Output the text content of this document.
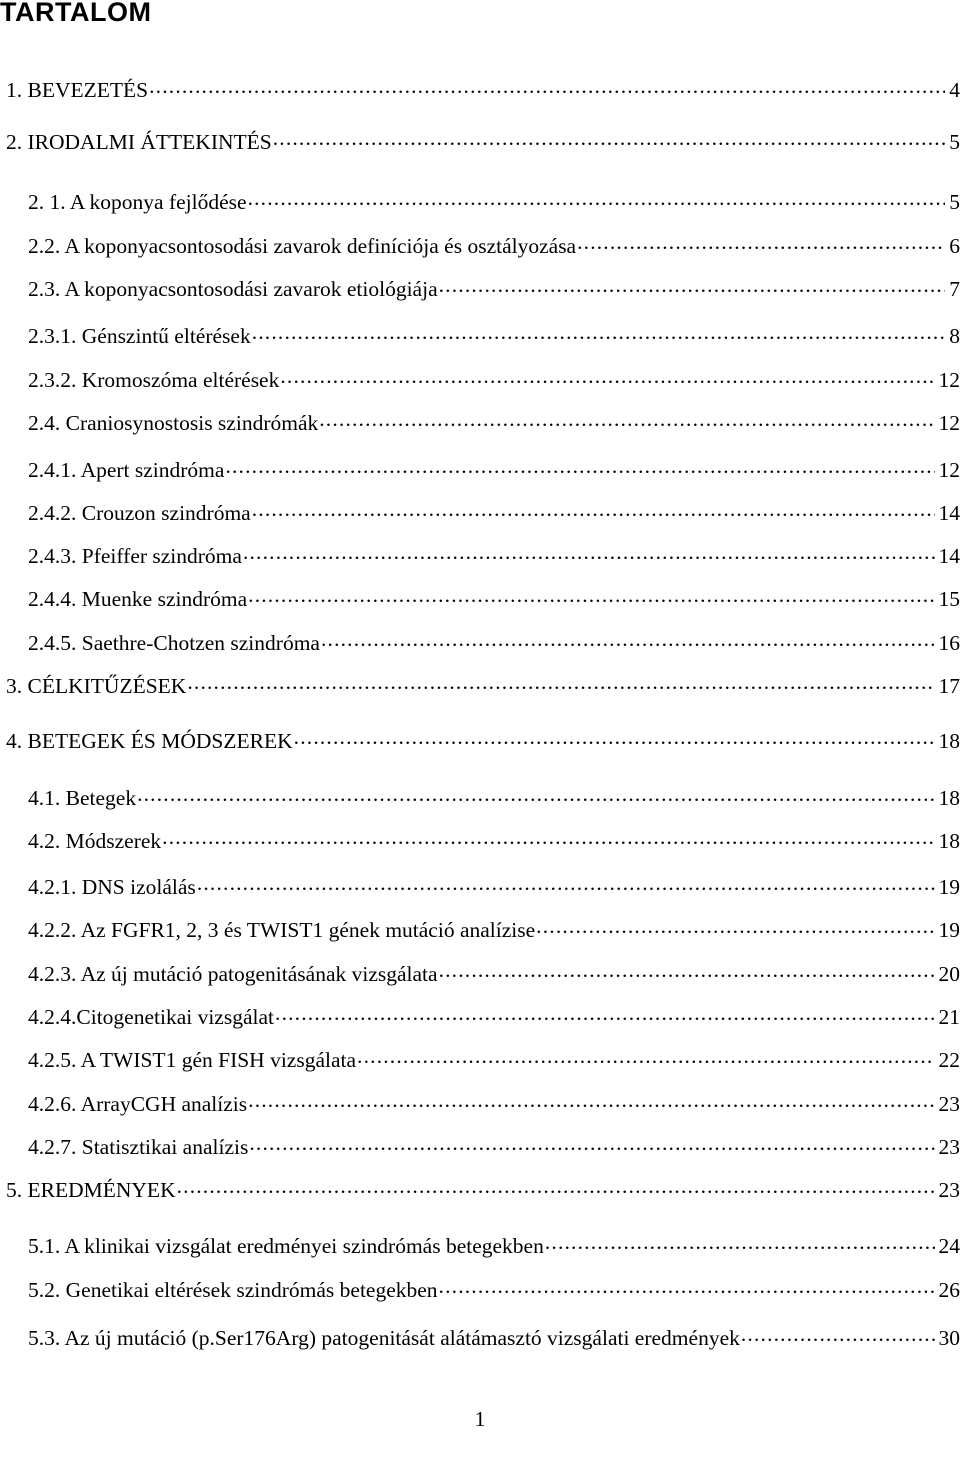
TARTALOM
1. BEVEZETÉS . . .	4
2. IRODALMI ÁTTEKINTÉS . . .	5
2. 1. A koponya fejlődése . . .	5
2.2. A koponyacsontosodási zavarok definíciója és osztályozása . . .	6
2.3. A koponyacsontosodási zavarok etiológiája . . .	7
2.3.1. Génszintű eltérések . . .	8
2.3.2. Kromoszóma eltérések . . .	12
2.4. Craniosynostosis szindrómák . . .	12
2.4.1. Apert szindróma . . .	12
2.4.2. Crouzon szindróma . . .	14
2.4.3. Pfeiffer szindróma . . .	14
2.4.4. Muenke szindróma . . .	15
2.4.5. Saethre-Chotzen szindróma . . .	16
3. CÉLKITŰZÉSEK . . .	17
4. BETEGEK ÉS MÓDSZEREK . . .	18
4.1. Betegek . . .	18
4.2. Módszerek . . .	18
4.2.1. DNS izolálás . . .	19
4.2.2. Az FGFR1, 2, 3 és TWIST1 gének mutáció analízise . . .	19
4.2.3. Az új mutáció patogenitásának vizsgálata . . .	20
4.2.4.Citogenetikai vizsgálat . . .	21
4.2.5. A TWIST1 gén FISH vizsgálata . . .	22
4.2.6. ArrayCGH analízis . . .	23
4.2.7. Statisztikai analízis . . .	23
5. EREDMÉNYEK . . .	23
5.1. A klinikai vizsgálat eredményei szindrómás betegekben . . .	24
5.2. Genetikai eltérések szindrómás betegekben . . .	26
5.3. Az új mutáció (p.Ser176Arg) patogenitását alátámasztó vizsgálati eredmények . . .	30
1
